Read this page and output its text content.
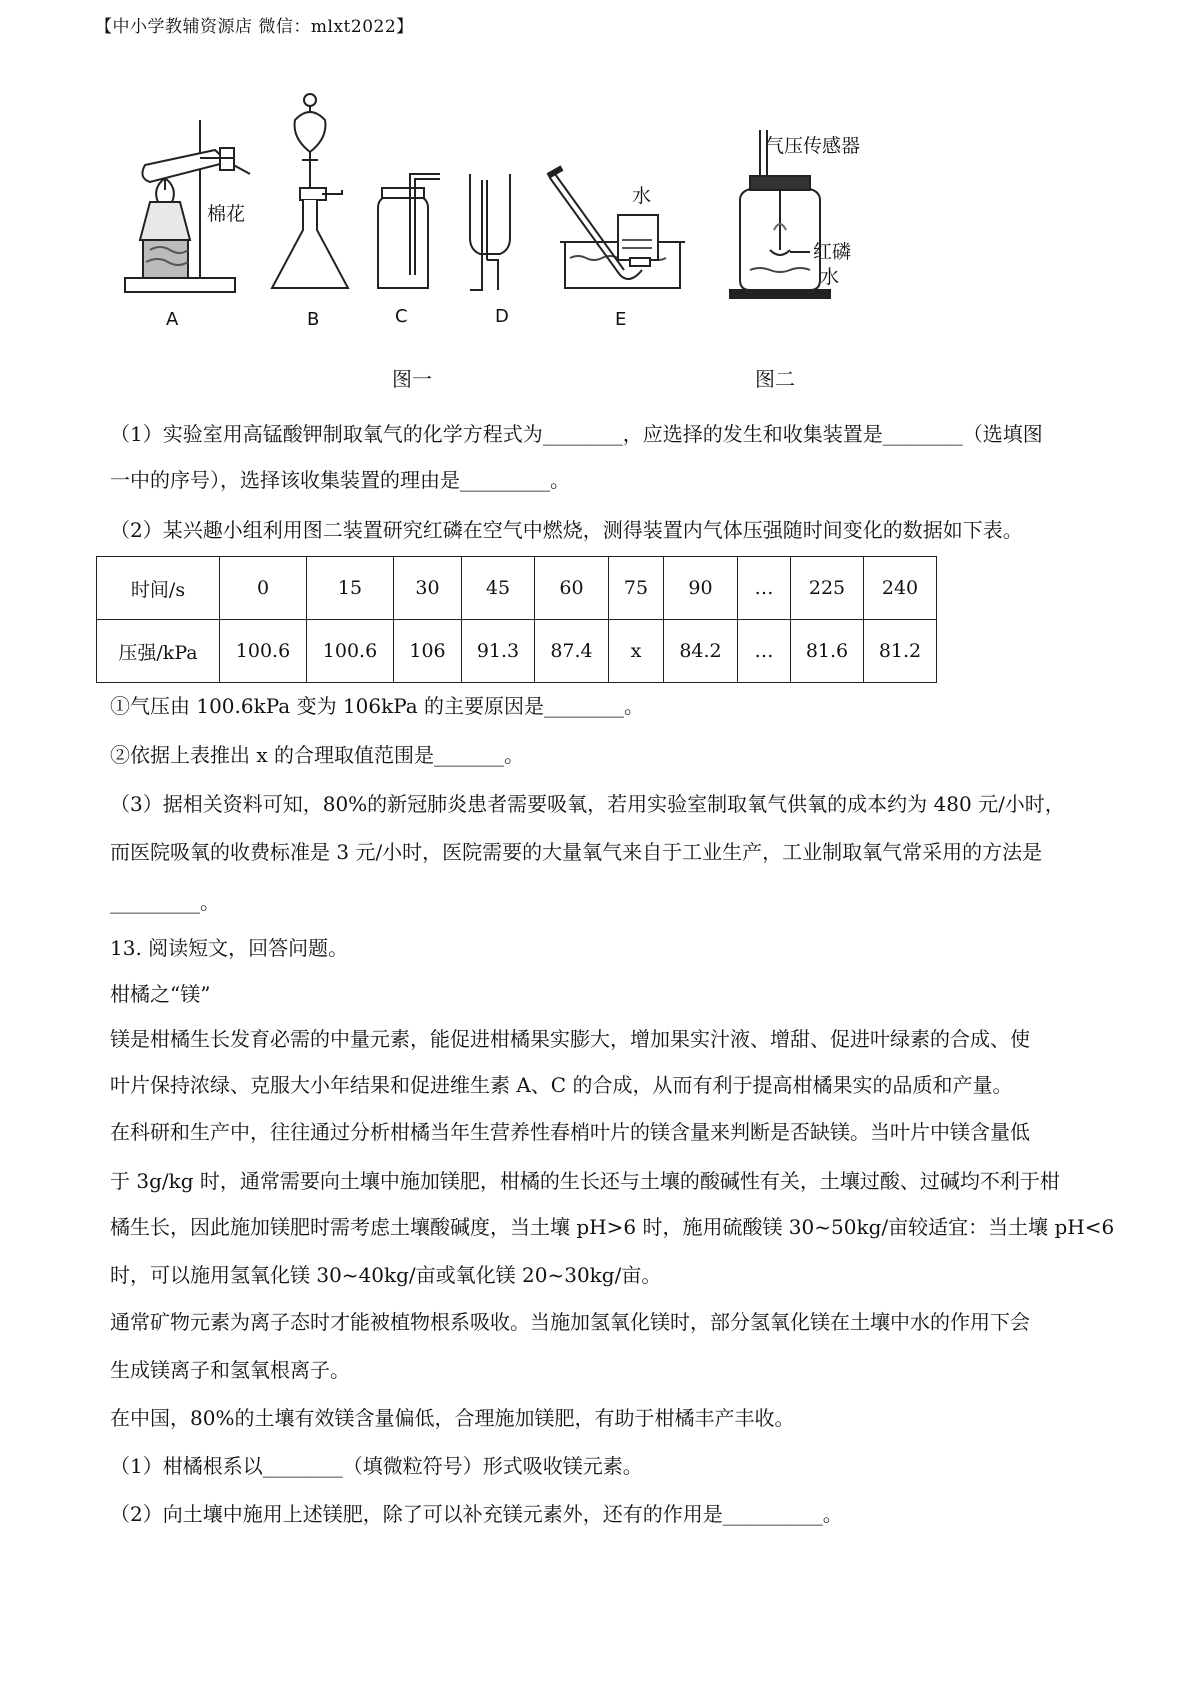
【中小学教辅资源店 微信：mlxt2022】
水
棉花
气压传感器
红磷
水
A	B	C	D	E
图一	图二
（1）实验室用高锰酸钾制取氧气的化学方程式为________，应选择的发生和收集装置是________（选填图
一中的序号），选择该收集装置的理由是_________。
（2）某兴趣小组利用图二装置研究红磷在空气中燃烧，测得装置内气体压强随时间变化的数据如下表。
时间/s	0	15	30	45	60	75	90	…	225	240
压强/kPa	100.6	100.6	106	91.3	87.4	x	84.2	…	81.6	81.2
①气压由 100.6kPa 变为 106kPa 的主要原因是________。
②依据上表推出 x 的合理取值范围是_______。
（3）据相关资料可知，80%的新冠肺炎患者需要吸氧，若用实验室制取氧气供氧的成本约为 480 元/小时，
而医院吸氧的收费标准是 3 元/小时，医院需要的大量氧气来自于工业生产，工业制取氧气常采用的方法是
_________。
13. 阅读短文，回答问题。
柑橘之“镁”
镁是柑橘生长发育必需的中量元素，能促进柑橘果实膨大，增加果实汁液、增甜、促进叶绿素的合成、使
叶片保持浓绿、克服大小年结果和促进维生素 A、C 的合成，从而有利于提高柑橘果实的品质和产量。
在科研和生产中，往往通过分析柑橘当年生营养性春梢叶片的镁含量来判断是否缺镁。当叶片中镁含量低
于 3g/kg 时，通常需要向土壤中施加镁肥，柑橘的生长还与土壤的酸碱性有关，土壤过酸、过碱均不利于柑
橘生长，因此施加镁肥时需考虑土壤酸碱度，当土壤 pH>6 时，施用硫酸镁 30~50kg/亩较适宜：当土壤 pH<6
时，可以施用氢氧化镁 30~40kg/亩或氧化镁 20~30kg/亩。
通常矿物元素为离子态时才能被植物根系吸收。当施加氢氧化镁时，部分氢氧化镁在土壤中水的作用下会
生成镁离子和氢氧根离子。
在中国，80%的土壤有效镁含量偏低，合理施加镁肥，有助于柑橘丰产丰收。
（1）柑橘根系以________（填微粒符号）形式吸收镁元素。
（2）向土壤中施用上述镁肥，除了可以补充镁元素外，还有的作用是__________。
